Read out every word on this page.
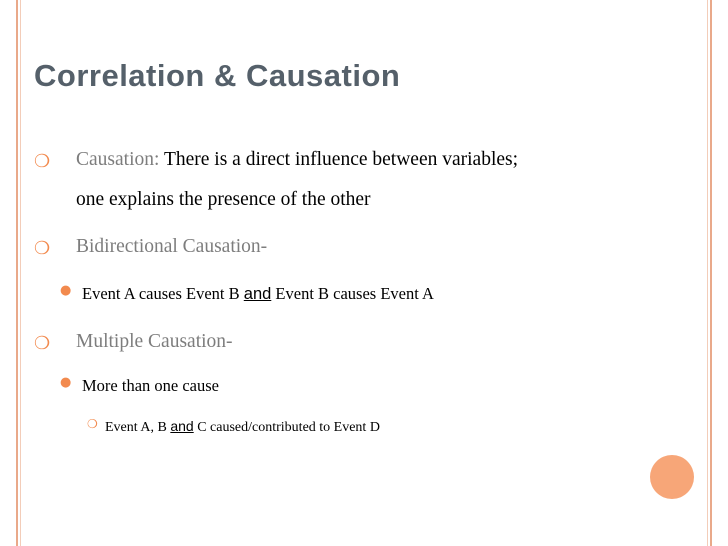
Correlation & Causation
❍ Causation: There is a direct influence between variables;
one explains the presence of the other
❍ Bidirectional Causation-
● Event A causes Event B and Event B causes Event A
❍ Multiple Causation-
● More than one cause
❍ Event A, B and C caused/contributed to Event D
